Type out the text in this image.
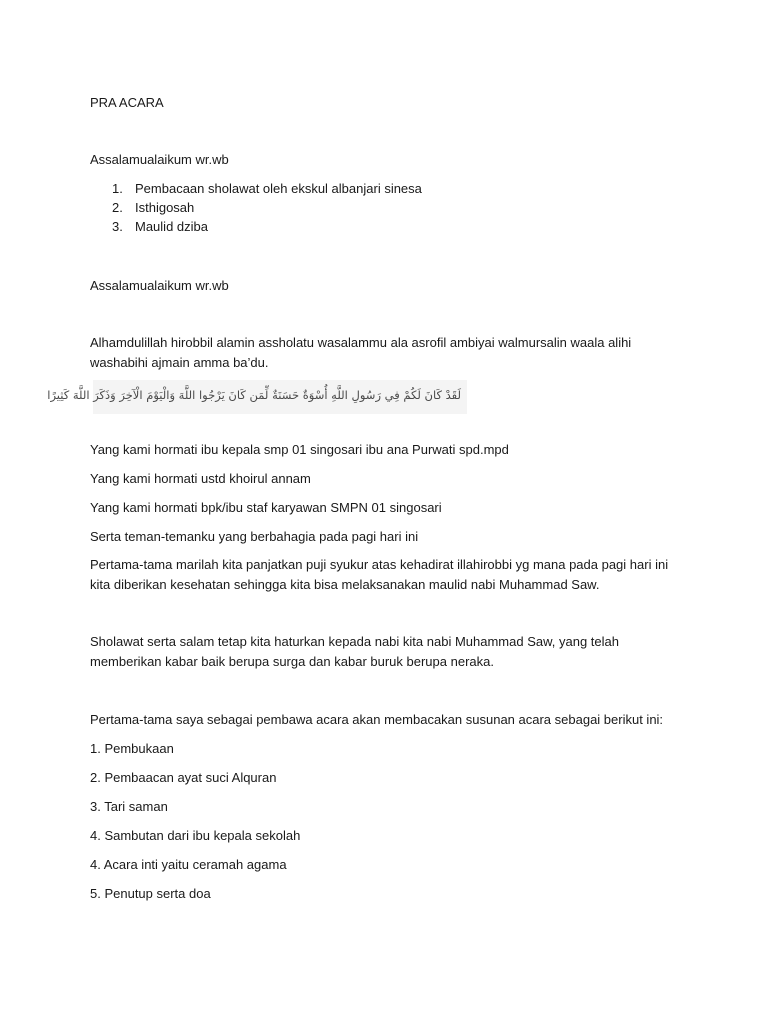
PRA ACARA
Assalamualaikum wr.wb
1. Pembacaan sholawat oleh ekskul albanjari sinesa
2. Isthigosah
3. Maulid dziba
Assalamualaikum wr.wb
Alhamdulillah hirobbil alamin assholatu wasalammu ala asrofil ambiyai walmursalin waala alihi washabihi ajmain amma ba’du.
لَقَدْ كَانَ لَكُمْ فِي رَسُولِ اللَّهِ أُسْوَةٌ حَسَنَةٌ لِّمَن كَانَ يَرْجُوا اللَّهَ وَالْيَوْمَ الْآخِرَ وَذَكَرَ اللَّهَ كَثِيرًا
Yang kami hormati ibu kepala smp 01 singosari ibu ana Purwati spd.mpd
Yang kami hormati ustd khoirul annam
Yang kami hormati bpk/ibu staf karyawan SMPN 01 singosari
Serta teman-temanku yang berbahagia pada pagi hari ini
Pertama-tama marilah kita panjatkan puji syukur atas kehadirat illahirobbi yg mana pada pagi hari ini kita diberikan kesehatan sehingga kita bisa melaksanakan maulid nabi Muhammad Saw.
Sholawat serta salam tetap kita haturkan kepada nabi kita nabi Muhammad Saw, yang telah memberikan kabar baik berupa surga dan kabar buruk berupa neraka.
Pertama-tama saya sebagai pembawa acara akan membacakan susunan acara sebagai berikut ini:
1. Pembukaan
2. Pembaacan ayat suci Alquran
3. Tari saman
4. Sambutan dari ibu kepala sekolah
4. Acara inti yaitu ceramah agama
5. Penutup serta doa
